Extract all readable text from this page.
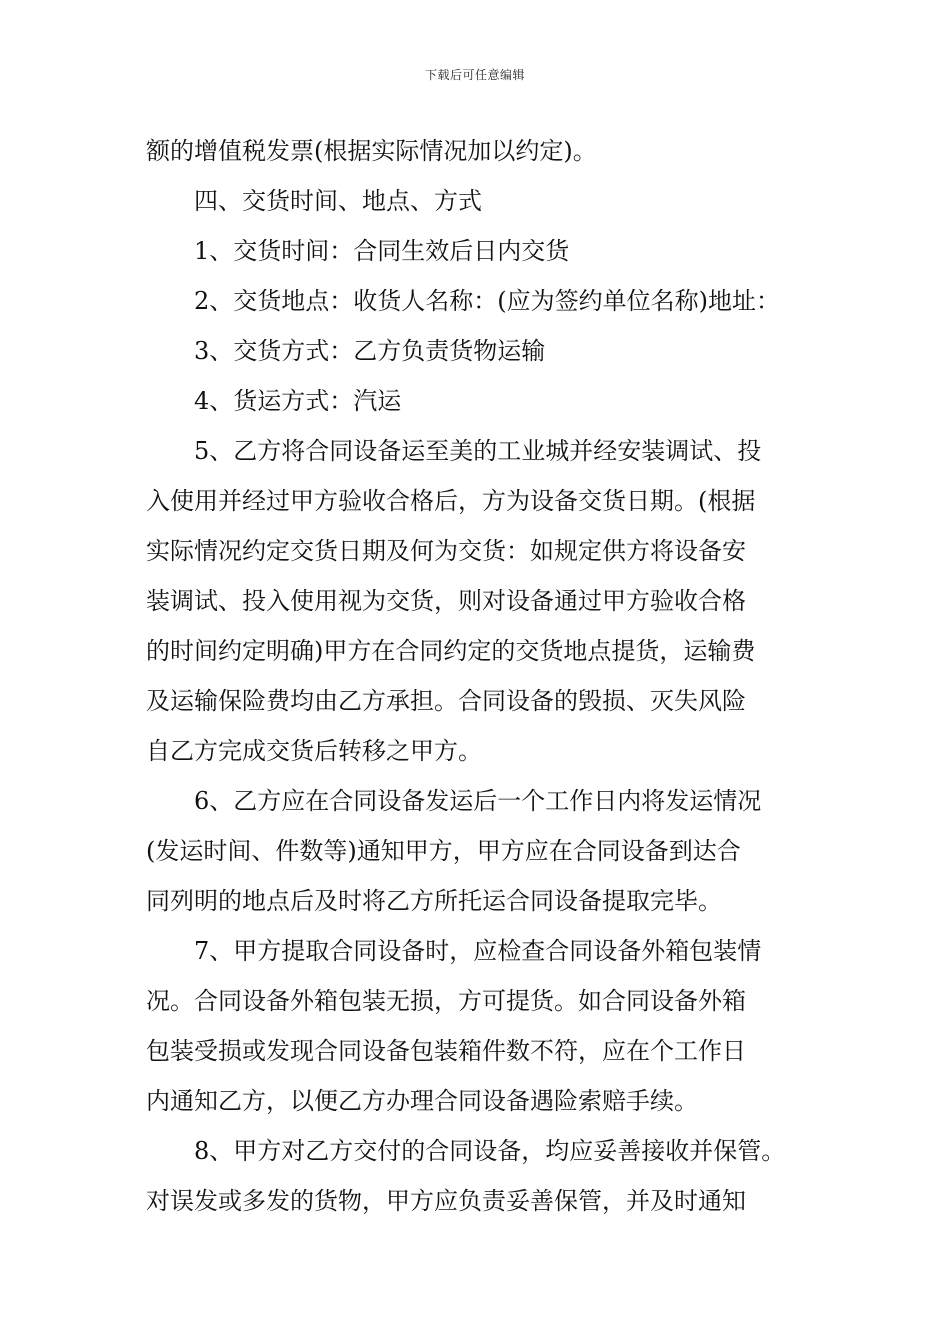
下载后可任意编辑
额的增值税发票(根据实际情况加以约定)。
四、交货时间、地点、方式
1、交货时间：合同生效后日内交货
2、交货地点：收货人名称：(应为签约单位名称)地址：
3、交货方式：乙方负责货物运输
4、货运方式：汽运
5、乙方将合同设备运至美的工业城并经安装调试、投
入使用并经过甲方验收合格后，方为设备交货日期。(根据
实际情况约定交货日期及何为交货：如规定供方将设备安
装调试、投入使用视为交货，则对设备通过甲方验收合格
的时间约定明确)甲方在合同约定的交货地点提货，运输费
及运输保险费均由乙方承担。合同设备的毁损、灭失风险
自乙方完成交货后转移之甲方。
6、乙方应在合同设备发运后一个工作日内将发运情况
(发运时间、件数等)通知甲方，甲方应在合同设备到达合
同列明的地点后及时将乙方所托运合同设备提取完毕。
7、甲方提取合同设备时，应检查合同设备外箱包装情
况。合同设备外箱包装无损，方可提货。如合同设备外箱
包装受损或发现合同设备包装箱件数不符，应在个工作日
内通知乙方，以便乙方办理合同设备遇险索赔手续。
8、甲方对乙方交付的合同设备，均应妥善接收并保管。
对误发或多发的货物，甲方应负责妥善保管，并及时通知
